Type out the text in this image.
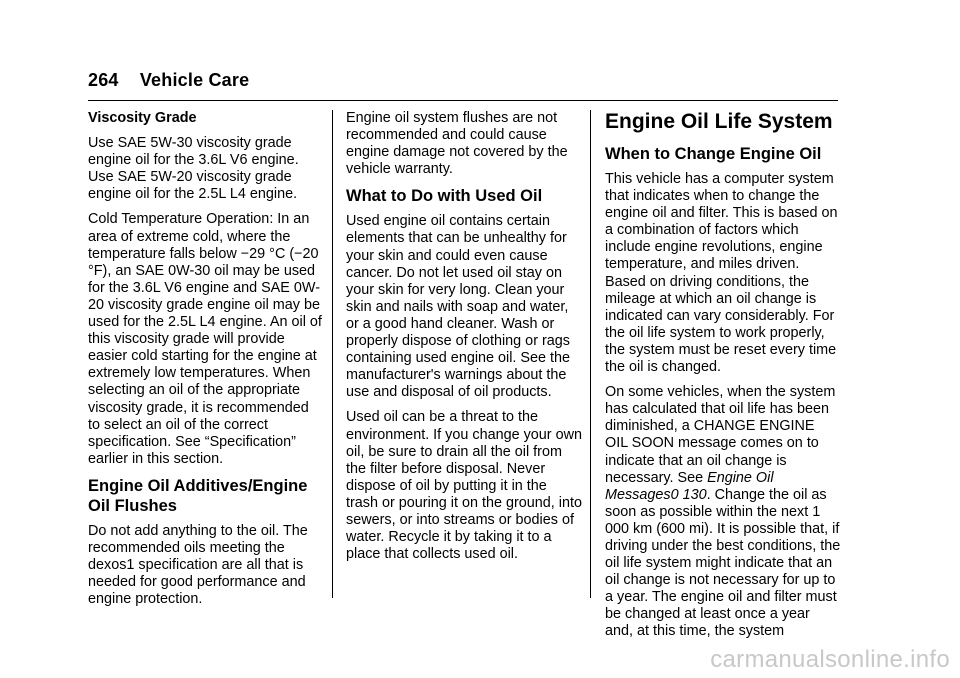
264 Vehicle Care

Viscosity Grade

Use SAE 5W-30 viscosity grade engine oil for the 3.6L V6 engine. Use SAE 5W-20 viscosity grade engine oil for the 2.5L L4 engine.

Cold Temperature Operation: In an area of extreme cold, where the temperature falls below −29 °C (−20 °F), an SAE 0W-30 oil may be used for the 3.6L V6 engine and SAE 0W-20 viscosity grade engine oil may be used for the 2.5L L4 engine. An oil of this viscosity grade will provide easier cold starting for the engine at extremely low temperatures. When selecting an oil of the appropriate viscosity grade, it is recommended to select an oil of the correct specification. See “Specification” earlier in this section.

Engine Oil Additives/Engine Oil Flushes

Do not add anything to the oil. The recommended oils meeting the dexos1 specification are all that is needed for good performance and engine protection.

Engine oil system flushes are not recommended and could cause engine damage not covered by the vehicle warranty.

What to Do with Used Oil

Used engine oil contains certain elements that can be unhealthy for your skin and could even cause cancer. Do not let used oil stay on your skin for very long. Clean your skin and nails with soap and water, or a good hand cleaner. Wash or properly dispose of clothing or rags containing used engine oil. See the manufacturer's warnings about the use and disposal of oil products.

Used oil can be a threat to the environment. If you change your own oil, be sure to drain all the oil from the filter before disposal. Never dispose of oil by putting it in the trash or pouring it on the ground, into sewers, or into streams or bodies of water. Recycle it by taking it to a place that collects used oil.

Engine Oil Life System
When to Change Engine Oil

This vehicle has a computer system that indicates when to change the engine oil and filter. This is based on a combination of factors which include engine revolutions, engine temperature, and miles driven. Based on driving conditions, the mileage at which an oil change is indicated can vary considerably. For the oil life system to work properly, the system must be reset every time the oil is changed.

On some vehicles, when the system has calculated that oil life has been diminished, a CHANGE ENGINE OIL SOON message comes on to indicate that an oil change is necessary. See Engine Oil Messages0 130. Change the oil as soon as possible within the next 1 000 km (600 mi). It is possible that, if driving under the best conditions, the oil life system might indicate that an oil change is not necessary for up to a year. The engine oil and filter must be changed at least once a year and, at this time, the system

carmanualsonline.info
